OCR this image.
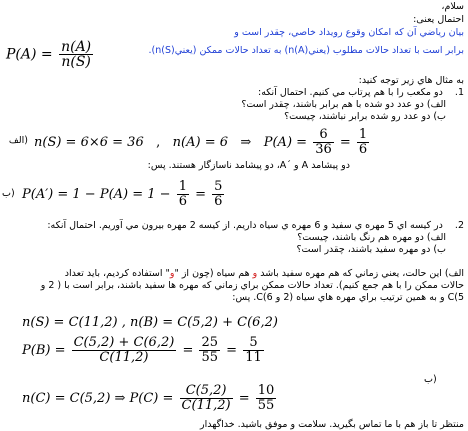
سلام،
احتمال یعنی:
بيان رياضي آن كه امكان وقوع رويداد خاصي، چقدر است و
$P(A) = \frac{n(A)}{n(S)}$	برابر است با تعداد حالات مطلوب (يعنيn(A)) به تعداد حالات ممكن (يعنيn(S)).
به مثال هاي زير توجه كنيد:
1.    دو مكعب را با هم پرتاب مي كنيم. احتمال آنكه:
الف) دو عدد دو شده با هم برابر باشند، چقدر است؟
ب) دو عدد رو شده برابر نباشند، چيست؟
الف) n(S) = 6×6 = 36 , n(A) = 6 ⇒ $P(A) = \frac{6}{36} = \frac{1}{6}$
دو پيشامد A و ´A، دو پيشامد ناسازگار هستند. پس:
ب) $P(A') = 1 - P(A) = 1 - \frac{1}{6} = \frac{5}{6}$
2.    در كيسه اي 5 مهره ي سفيد و 6 مهره ي سياه داريم. از كيسه 2 مهره بيرون مي آوريم. احتمال آنكه:
الف) دو مهره هم رنگ باشند، چيست؟
ب) دو مهره سفيد باشند، چقدر است؟
الف) اين حالت، يعني زماني كه هم مهره سفيد باشد و هم سياه (چون از "و" استفاده كرديم، بايد تعداد
حالات ممكن را با هم جمع كنيم). تعداد حالات ممكن براي زماني كه مهره ها سفيد باشند، برابر است با ( 2 و
5)C و به همين ترتيب براي مهره هاي سياه (2 و 6)C. پس:
n(S) = C(11,2) , n(B) = C(5,2) + C(6,2)
$P(B) = \frac{C(5,2) + C(6,2)}{C(11,2)} = \frac{25}{55} = \frac{5}{11}$
ب)
n(C) = C(5,2) ⇒ $P(C) = \frac{C(5,2)}{C(11,2)} = \frac{10}{55}$
منتظر تا باز هم با ما تماس بگيريد. سلامت و موفق باشيد. خداگهدار
